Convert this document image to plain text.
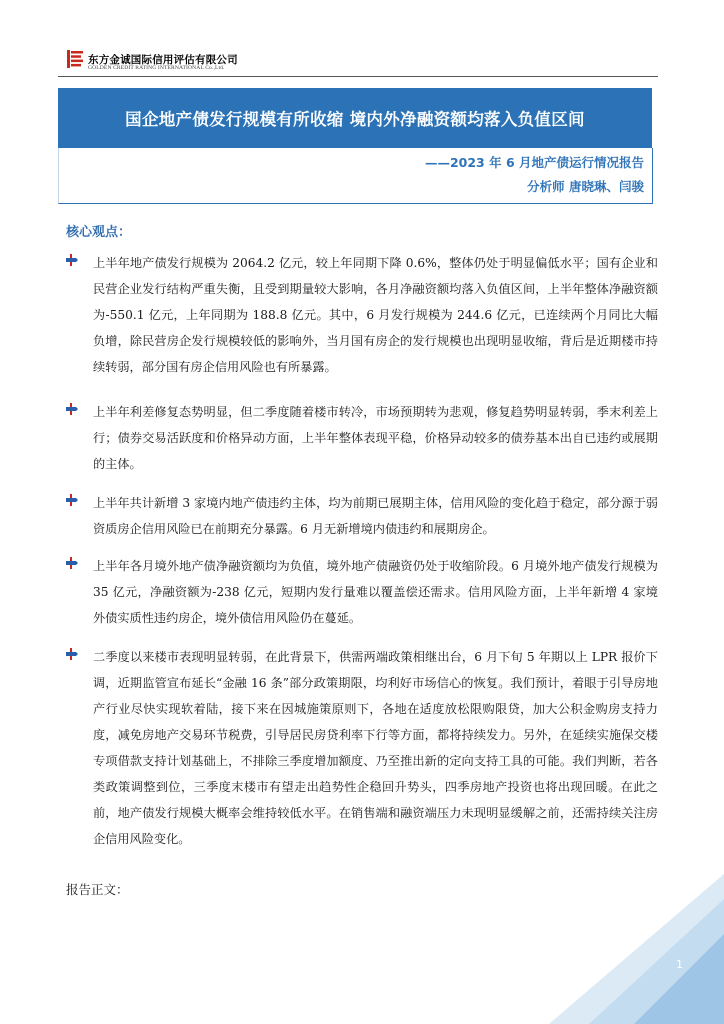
东方金诚国际信用评估有限公司
GOLDEN CREDIT RATING INTERNATIONAL Co.,Ltd.
国企地产债发行规模有所收缩 境内外净融资额均落入负值区间
——2023 年 6 月地产债运行情况报告
分析师 唐晓琳、闫骏
核心观点：

上半年地产债发行规模为 2064.2 亿元，较上年同期下降 0.6%，整体仍处于明显偏低水平；国有企业和民营企业发行结构严重失衡，且受到期量较大影响，各月净融资额均落入负值区间，上半年整体净融资额为-550.1 亿元，上年同期为 188.8 亿元。其中，6 月发行规模为 244.6 亿元，已连续两个月同比大幅负增，除民营房企发行规模较低的影响外，当月国有房企的发行规模也出现明显收缩，背后是近期楼市持续转弱，部分国有房企信用风险也有所暴露。

上半年利差修复态势明显，但二季度随着楼市转冷，市场预期转为悲观，修复趋势明显转弱，季末利差上行；债券交易活跃度和价格异动方面，上半年整体表现平稳，价格异动较多的债券基本出自已违约或展期的主体。

上半年共计新增 3 家境内地产债违约主体，均为前期已展期主体，信用风险的变化趋于稳定，部分源于弱资质房企信用风险已在前期充分暴露。6 月无新增境内债违约和展期房企。

上半年各月境外地产债净融资额均为负值，境外地产债融资仍处于收缩阶段。6 月境外地产债发行规模为 35 亿元，净融资额为-238 亿元，短期内发行量难以覆盖偿还需求。信用风险方面，上半年新增 4 家境外债实质性违约房企，境外债信用风险仍在蔓延。

二季度以来楼市表现明显转弱，在此背景下，供需两端政策相继出台，6 月下旬 5 年期以上 LPR 报价下调，近期监管宣布延长“金融 16 条”部分政策期限，均利好市场信心的恢复。我们预计，着眼于引导房地产行业尽快实现软着陆，接下来在因城施策原则下，各地在适度放松限购限贷，加大公积金购房支持力度，减免房地产交易环节税费，引导居民房贷利率下行等方面，都将持续发力。另外，在延续实施保交楼专项借款支持计划基础上，不排除三季度增加额度、乃至推出新的定向支持工具的可能。我们判断，若各类政策调整到位，三季度末楼市有望走出趋势性企稳回升势头，四季房地产投资也将出现回暖。在此之前，地产债发行规模大概率会维持较低水平。在销售端和融资端压力未现明显缓解之前，还需持续关注房企信用风险变化。

报告正文：
1
